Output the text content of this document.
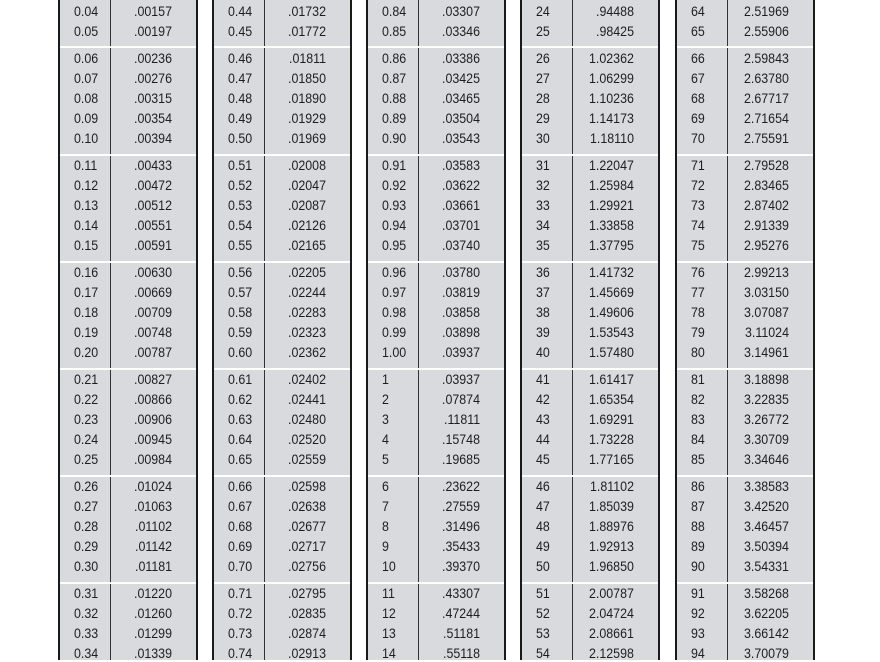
0.04	.00157
0.05	.00197
0.06	.00236
0.07	.00276
0.08	.00315
0.09	.00354
0.10	.00394
0.11	.00433
0.12	.00472
0.13	.00512
0.14	.00551
0.15	.00591
0.16	.00630
0.17	.00669
0.18	.00709
0.19	.00748
0.20	.00787
0.21	.00827
0.22	.00866
0.23	.00906
0.24	.00945
0.25	.00984
0.26	.01024
0.27	.01063
0.28	.01102
0.29	.01142
0.30	.01181
0.31	.01220
0.32	.01260
0.33	.01299
0.34	.01339
0.44	.01732
0.45	.01772
0.46	.01811
0.47	.01850
0.48	.01890
0.49	.01929
0.50	.01969
0.51	.02008
0.52	.02047
0.53	.02087
0.54	.02126
0.55	.02165
0.56	.02205
0.57	.02244
0.58	.02283
0.59	.02323
0.60	.02362
0.61	.02402
0.62	.02441
0.63	.02480
0.64	.02520
0.65	.02559
0.66	.02598
0.67	.02638
0.68	.02677
0.69	.02717
0.70	.02756
0.71	.02795
0.72	.02835
0.73	.02874
0.74	.02913
0.84	.03307
0.85	.03346
0.86	.03386
0.87	.03425
0.88	.03465
0.89	.03504
0.90	.03543
0.91	.03583
0.92	.03622
0.93	.03661
0.94	.03701
0.95	.03740
0.96	.03780
0.97	.03819
0.98	.03858
0.99	.03898
1.00	.03937
1	.03937
2	.07874
3	.11811
4	.15748
5	.19685
6	.23622
7	.27559
8	.31496
9	.35433
10	.39370
11	.43307
12	.47244
13	.51181
14	.55118
24	.94488
25	.98425
26	1.02362
27	1.06299
28	1.10236
29	1.14173
30	1.18110
31	1.22047
32	1.25984
33	1.29921
34	1.33858
35	1.37795
36	1.41732
37	1.45669
38	1.49606
39	1.53543
40	1.57480
41	1.61417
42	1.65354
43	1.69291
44	1.73228
45	1.77165
46	1.81102
47	1.85039
48	1.88976
49	1.92913
50	1.96850
51	2.00787
52	2.04724
53	2.08661
54	2.12598
64	2.51969
65	2.55906
66	2.59843
67	2.63780
68	2.67717
69	2.71654
70	2.75591
71	2.79528
72	2.83465
73	2.87402
74	2.91339
75	2.95276
76	2.99213
77	3.03150
78	3.07087
79	3.11024
80	3.14961
81	3.18898
82	3.22835
83	3.26772
84	3.30709
85	3.34646
86	3.38583
87	3.42520
88	3.46457
89	3.50394
90	3.54331
91	3.58268
92	3.62205
93	3.66142
94	3.70079
